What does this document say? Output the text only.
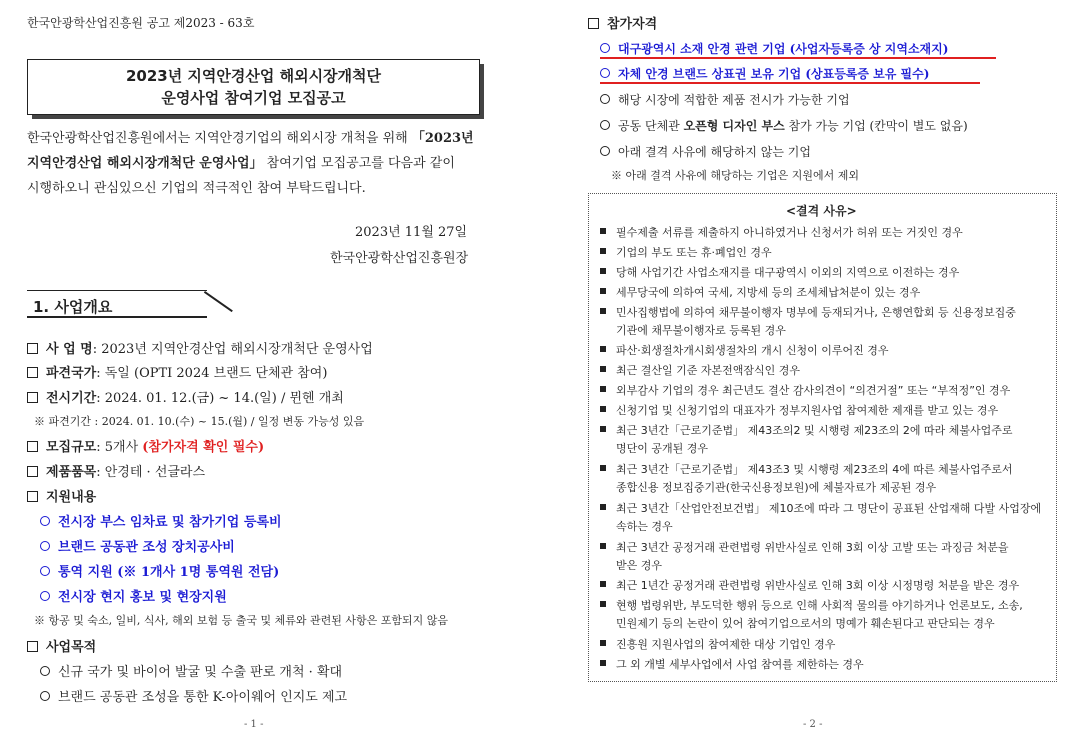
한국안광학산업진흥원 공고 제2023 - 63호
2023년 지역안경산업 해외시장개척단
운영사업 참여기업 모집공고
한국안광학산업진흥원에서는 지역안경기업의 해외시장 개척을 위해 「2023년
지역안경산업 해외시장개척단 운영사업」 참여기업 모집공고를 다음과 같이
시행하오니 관심있으신 기업의 적극적인 참여 부탁드립니다.
2023년 11월 27일
한국안광학산업진흥원장
1. 사업개요
사 업 명: 2023년 지역안경산업 해외시장개척단 운영사업
파견국가: 독일 (OPTI 2024 브랜드 단체관 참여)
전시기간: 2024. 01. 12.(금) ~ 14.(일) / 뮌헨 개최
※ 파견기간 : 2024. 01. 10.(수) ~ 15.(월) / 일정 변동 가능성 있음
모집규모: 5개사 (참가자격 확인 필수)
제품품목: 안경테 · 선글라스
지원내용
전시장 부스 임차료 및 참가기업 등록비
브랜드 공동관 조성 장치공사비
통역 지원 (※ 1개사 1명 통역원 전담)
전시장 현지 홍보 및 현장지원
※ 항공 및 숙소, 일비, 식사, 해외 보험 등 출국 및 체류와 관련된 사항은 포함되지 않음
사업목적
신규 국가 및 바이어 발굴 및 수출 판로 개척 · 확대
브랜드 공동관 조성을 통한 K-아이웨어 인지도 제고
- 1 -
참가자격
대구광역시 소재 안경 관련 기업 (사업자등록증 상 지역소재지)
자체 안경 브랜드 상표권 보유 기업 (상표등록증 보유 필수)
해당 시장에 적합한 제품 전시가 가능한 기업
공동 단체관 오픈형 디자인 부스 참가 가능 기업 (칸막이 별도 없음)
아래 결격 사유에 해당하지 않는 기업
※ 아래 결격 사유에 해당하는 기업은 지원에서 제외
<결격 사유>
필수제출 서류를 제출하지 아니하였거나 신청서가 허위 또는 거짓인 경우
기업의 부도 또는 휴·폐업인 경우
당해 사업기간 사업소재지를 대구광역시 이외의 지역으로 이전하는 경우
세무당국에 의하여 국세, 지방세 등의 조세체납처분이 있는 경우
민사집행법에 의하여 채무불이행자 명부에 등재되거나, 은행연합회 등 신용정보집중
기관에 채무불이행자로 등록된 경우
파산·회생절차개시회생절차의 개시 신청이 이루어진 경우
최근 결산일 기준 자본전액잠식인 경우
외부감사 기업의 경우 최근년도 결산 감사의견이 “의견거절” 또는 “부적정”인 경우
신청기업 및 신청기업의 대표자가 정부지원사업 참여제한 제재를 받고 있는 경우
최근 3년간「근로기준법」 제43조의2 및 시행령 제23조의 2에 따라 체불사업주로
명단이 공개된 경우
최근 3년간「근로기준법」 제43조3 및 시행령 제23조의 4에 따른 체불사업주로서
종합신용 정보집중기관(한국신용정보원)에 체불자료가 제공된 경우
최근 3년간「산업안전보건법」 제10조에 따라 그 명단이 공표된 산업재해 다발 사업장에
속하는 경우
최근 3년간 공정거래 관련법령 위반사실로 인해 3회 이상 고발 또는 과징금 처분을
받은 경우
최근 1년간 공정거래 관련법령 위반사실로 인해 3회 이상 시정명령 처분을 받은 경우
현행 법령위반, 부도덕한 행위 등으로 인해 사회적 물의를 야기하거나 언론보도, 소송,
민원제기 등의 논란이 있어 참여기업으로서의 명예가 훼손된다고 판단되는 경우
진흥원 지원사업의 참여제한 대상 기업인 경우
그 외 개별 세부사업에서 사업 참여를 제한하는 경우
- 2 -
